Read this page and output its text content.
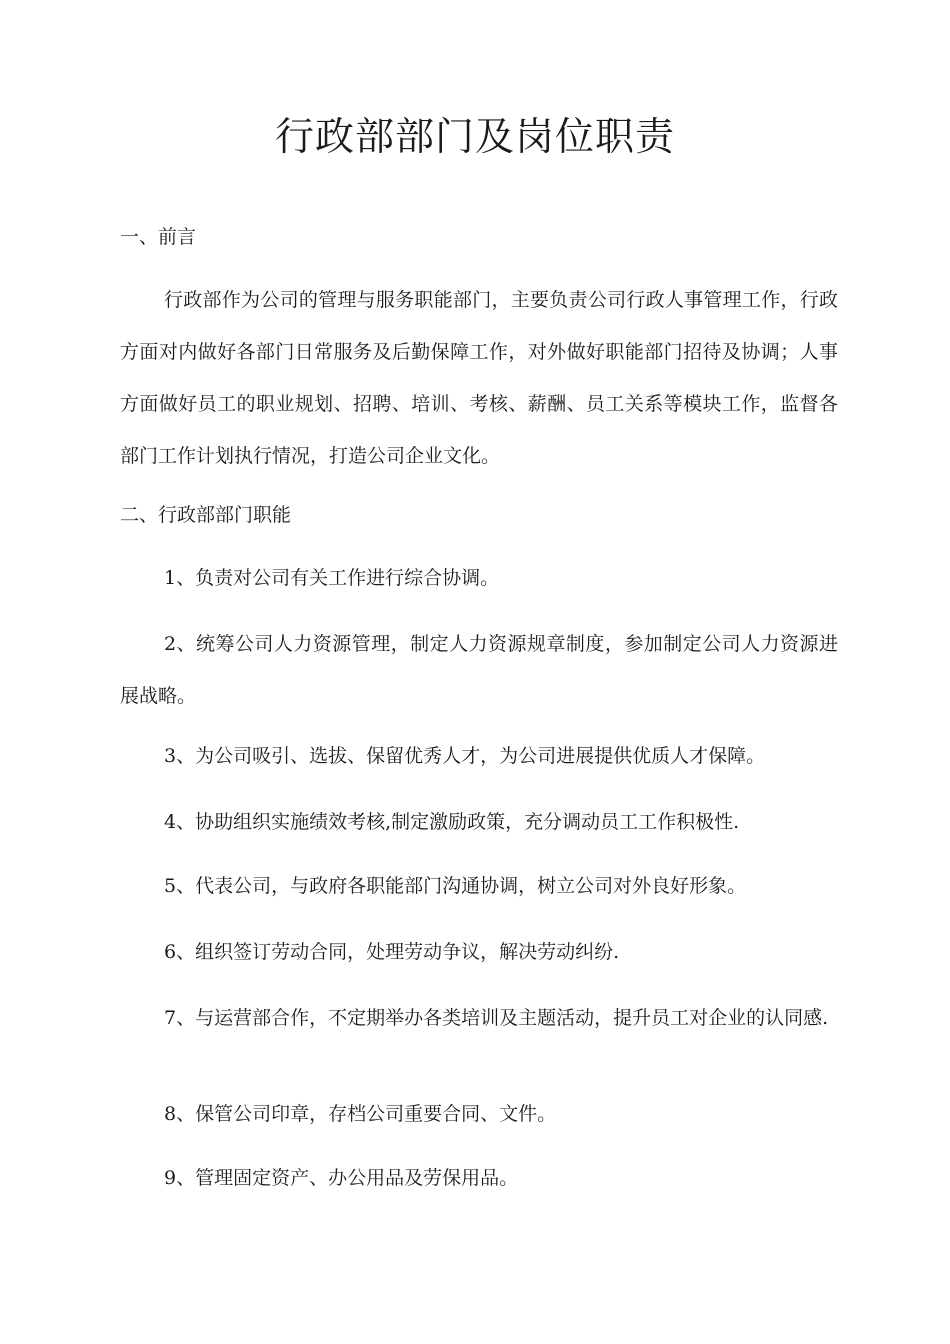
行政部部门及岗位职责

一、前言

行政部作为公司的管理与服务职能部门，主要负责公司行政人事管理工作，行政方面对内做好各部门日常服务及后勤保障工作，对外做好职能部门招待及协调；人事方面做好员工的职业规划、招聘、培训、考核、薪酬、员工关系等模块工作，监督各部门工作计划执行情况，打造公司企业文化。

二、行政部部门职能

1、负责对公司有关工作进行综合协调。

2、统筹公司人力资源管理，制定人力资源规章制度，参加制定公司人力资源进展战略。

3、为公司吸引、选拔、保留优秀人才，为公司进展提供优质人才保障。

4、协助组织实施绩效考核,制定激励政策，充分调动员工工作积极性.

5、代表公司，与政府各职能部门沟通协调，树立公司对外良好形象。

6、组织签订劳动合同，处理劳动争议，解决劳动纠纷.

7、与运营部合作，不定期举办各类培训及主题活动，提升员工对企业的认同感.

8、保管公司印章，存档公司重要合同、文件。

9、管理固定资产、办公用品及劳保用品。
